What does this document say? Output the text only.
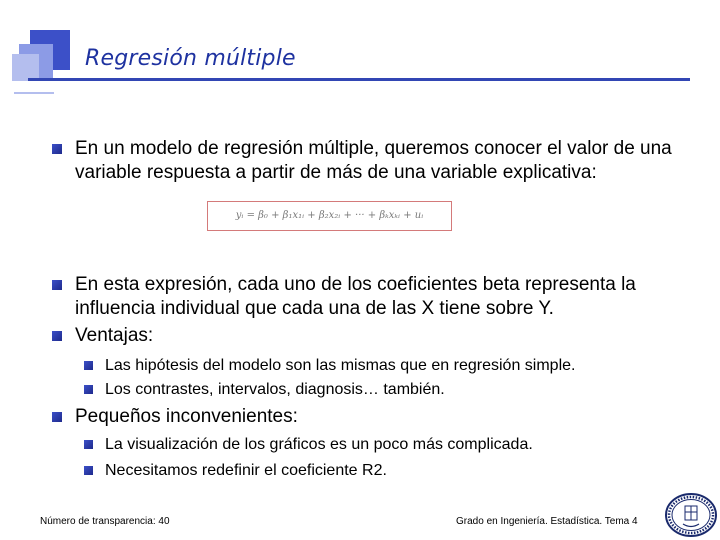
Regresión múltiple
En un modelo de regresión múltiple, queremos conocer el valor de una variable respuesta a partir de más de una variable explicativa:
yᵢ = β₀ + β₁x₁ᵢ + β₂x₂ᵢ + ··· + βₖxₖᵢ + uᵢ
En esta expresión, cada uno de los coeficientes beta representa la influencia individual que cada una de las X tiene sobre Y.
Ventajas:
Las hipótesis del modelo son las mismas que en regresión simple.
Los contrastes, intervalos, diagnosis… también.
Pequeños inconvenientes:
La visualización de los gráficos es un poco más complicada.
Necesitamos redefinir el coeficiente R2.
Número de transparencia: 40	Grado en Ingeniería. Estadística. Tema 4
